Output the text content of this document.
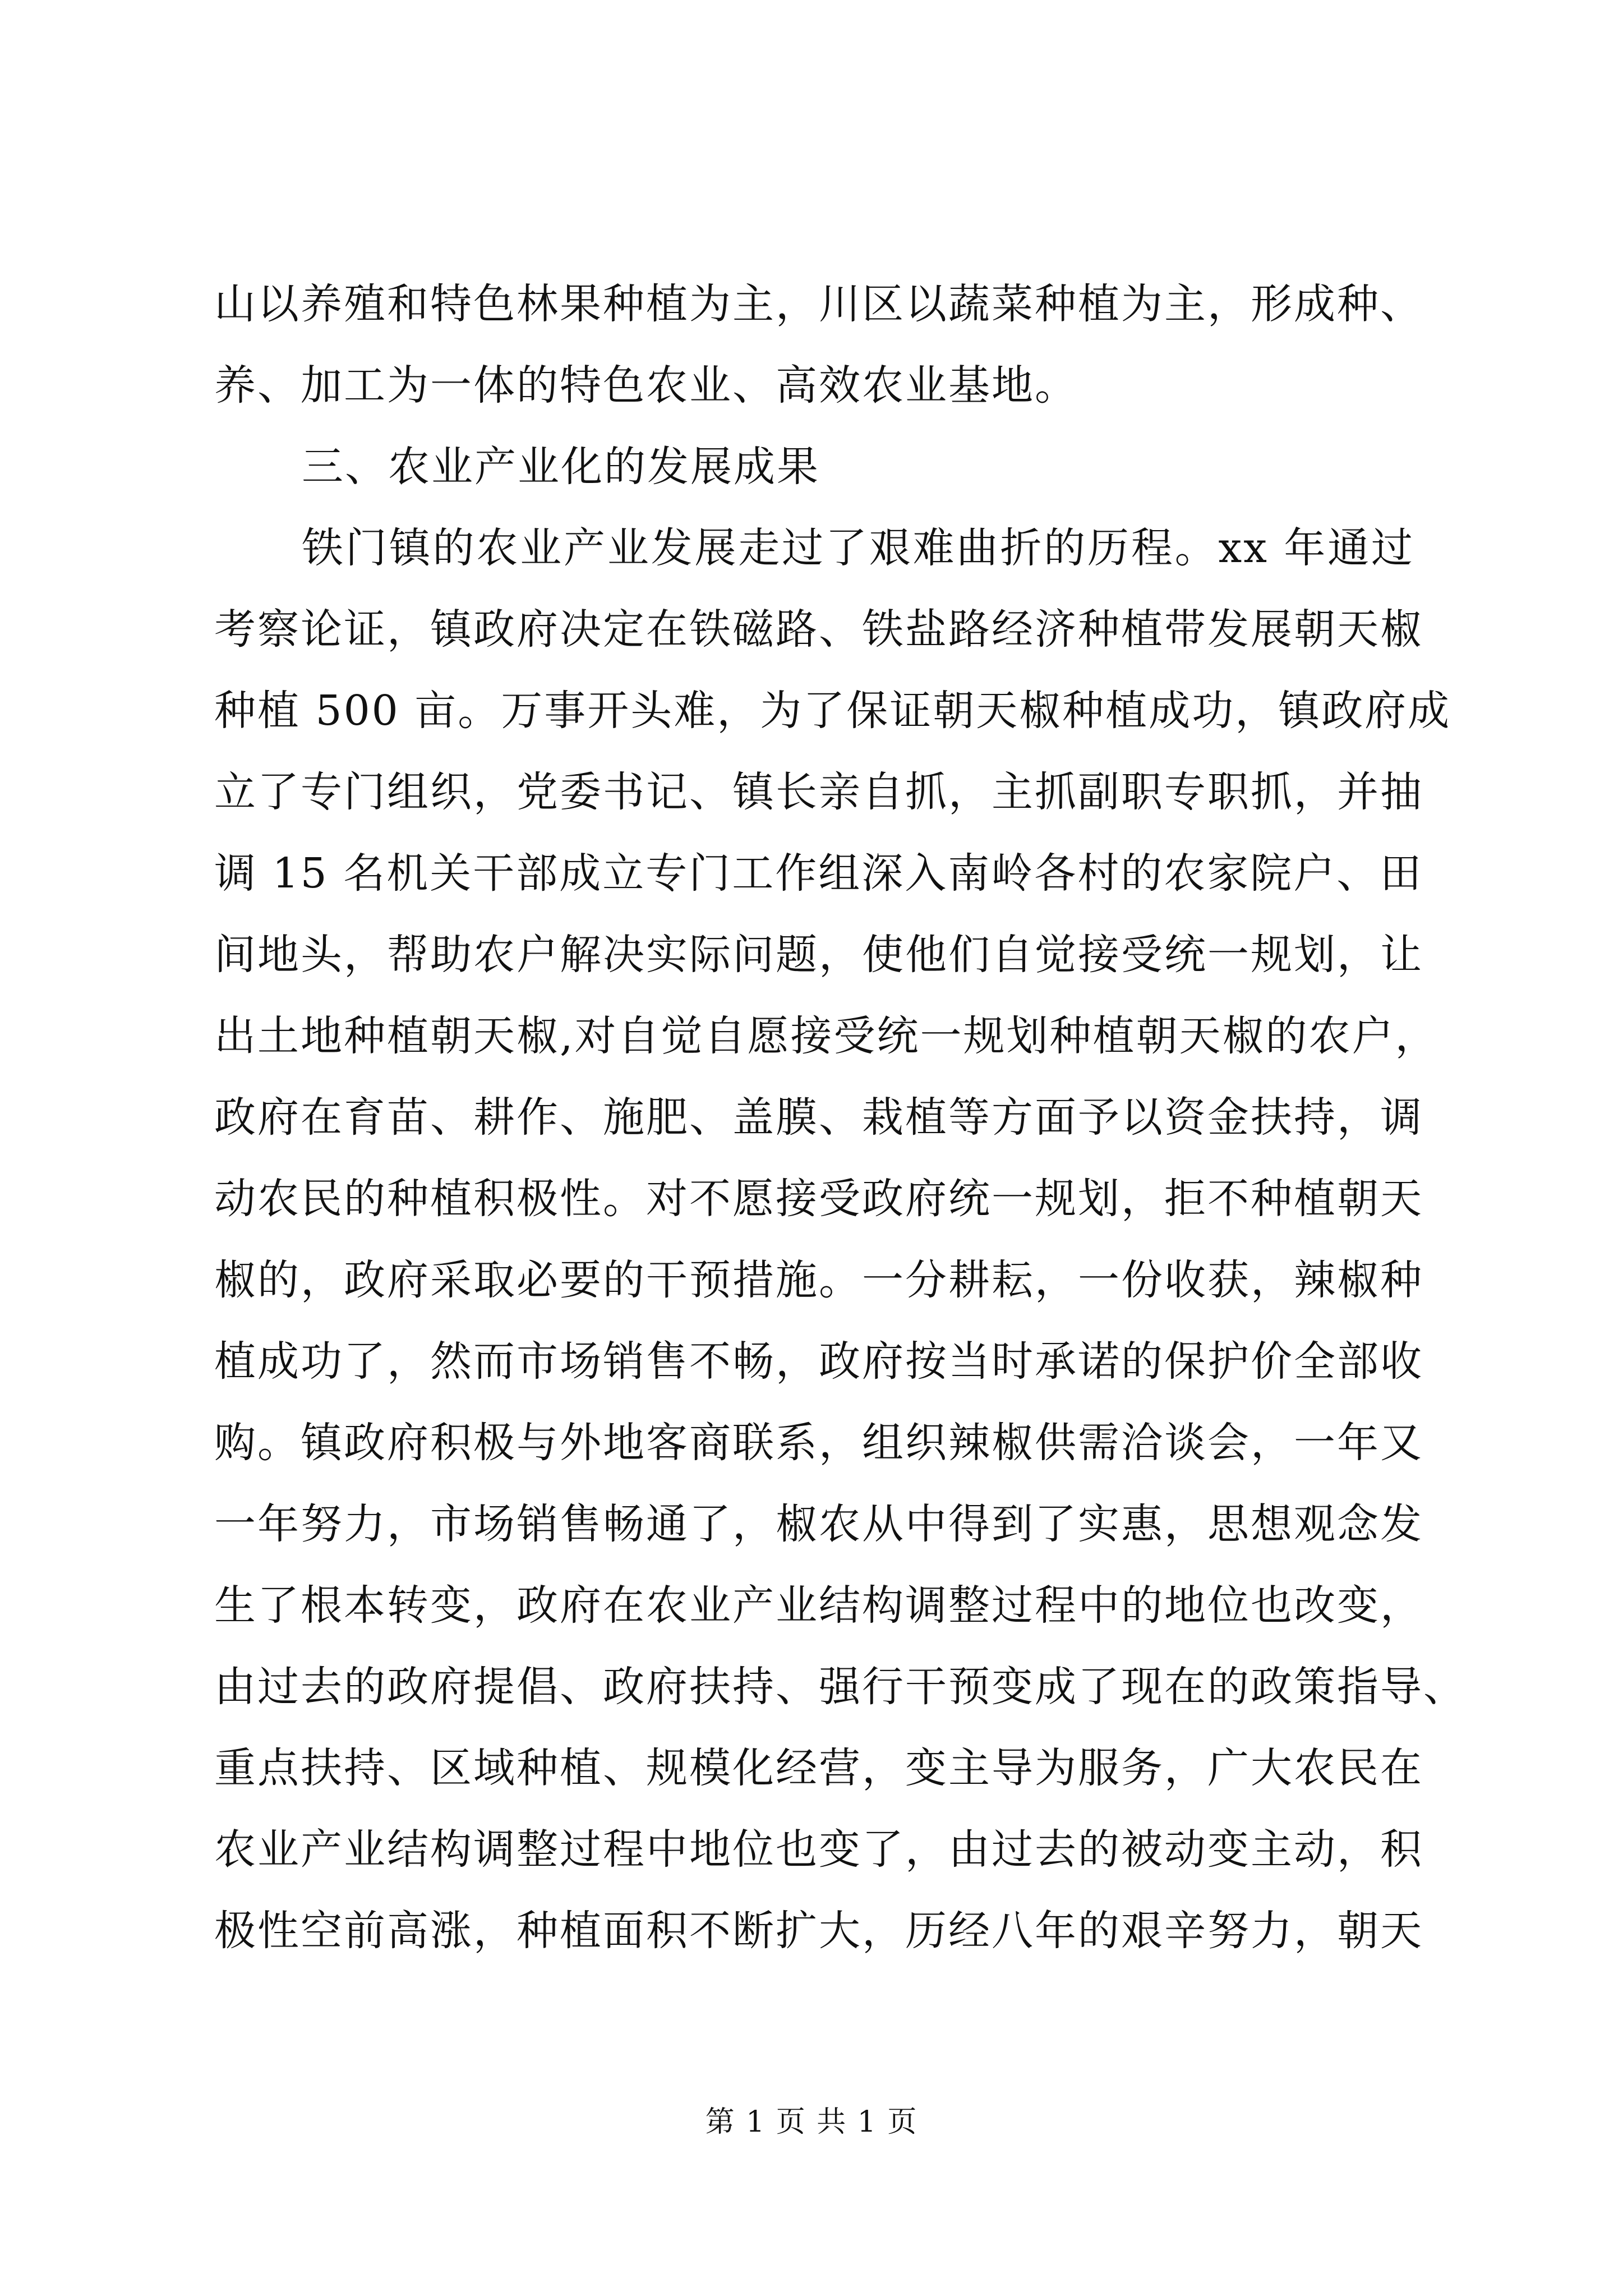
山以养殖和特色林果种植为主，川区以蔬菜种植为主，形成种、
养、加工为一体的特色农业、高效农业基地。
三、农业产业化的发展成果
铁门镇的农业产业发展走过了艰难曲折的历程。xx 年通过
考察论证，镇政府决定在铁磁路、铁盐路经济种植带发展朝天椒
种植 500 亩。万事开头难，为了保证朝天椒种植成功，镇政府成
立了专门组织，党委书记、镇长亲自抓，主抓副职专职抓，并抽
调 15 名机关干部成立专门工作组深入南岭各村的农家院户、田
间地头，帮助农户解决实际问题，使他们自觉接受统一规划，让
出土地种植朝天椒,对自觉自愿接受统一规划种植朝天椒的农户，
政府在育苗、耕作、施肥、盖膜、栽植等方面予以资金扶持，调
动农民的种植积极性。对不愿接受政府统一规划，拒不种植朝天
椒的，政府采取必要的干预措施。一分耕耘，一份收获，辣椒种
植成功了，然而市场销售不畅，政府按当时承诺的保护价全部收
购。镇政府积极与外地客商联系，组织辣椒供需洽谈会，一年又
一年努力，市场销售畅通了，椒农从中得到了实惠，思想观念发
生了根本转变，政府在农业产业结构调整过程中的地位也改变，
由过去的政府提倡、政府扶持、强行干预变成了现在的政策指导、
重点扶持、区域种植、规模化经营，变主导为服务，广大农民在
农业产业结构调整过程中地位也变了，由过去的被动变主动，积
极性空前高涨，种植面积不断扩大，历经八年的艰辛努力，朝天
第 1 页 共 1 页
